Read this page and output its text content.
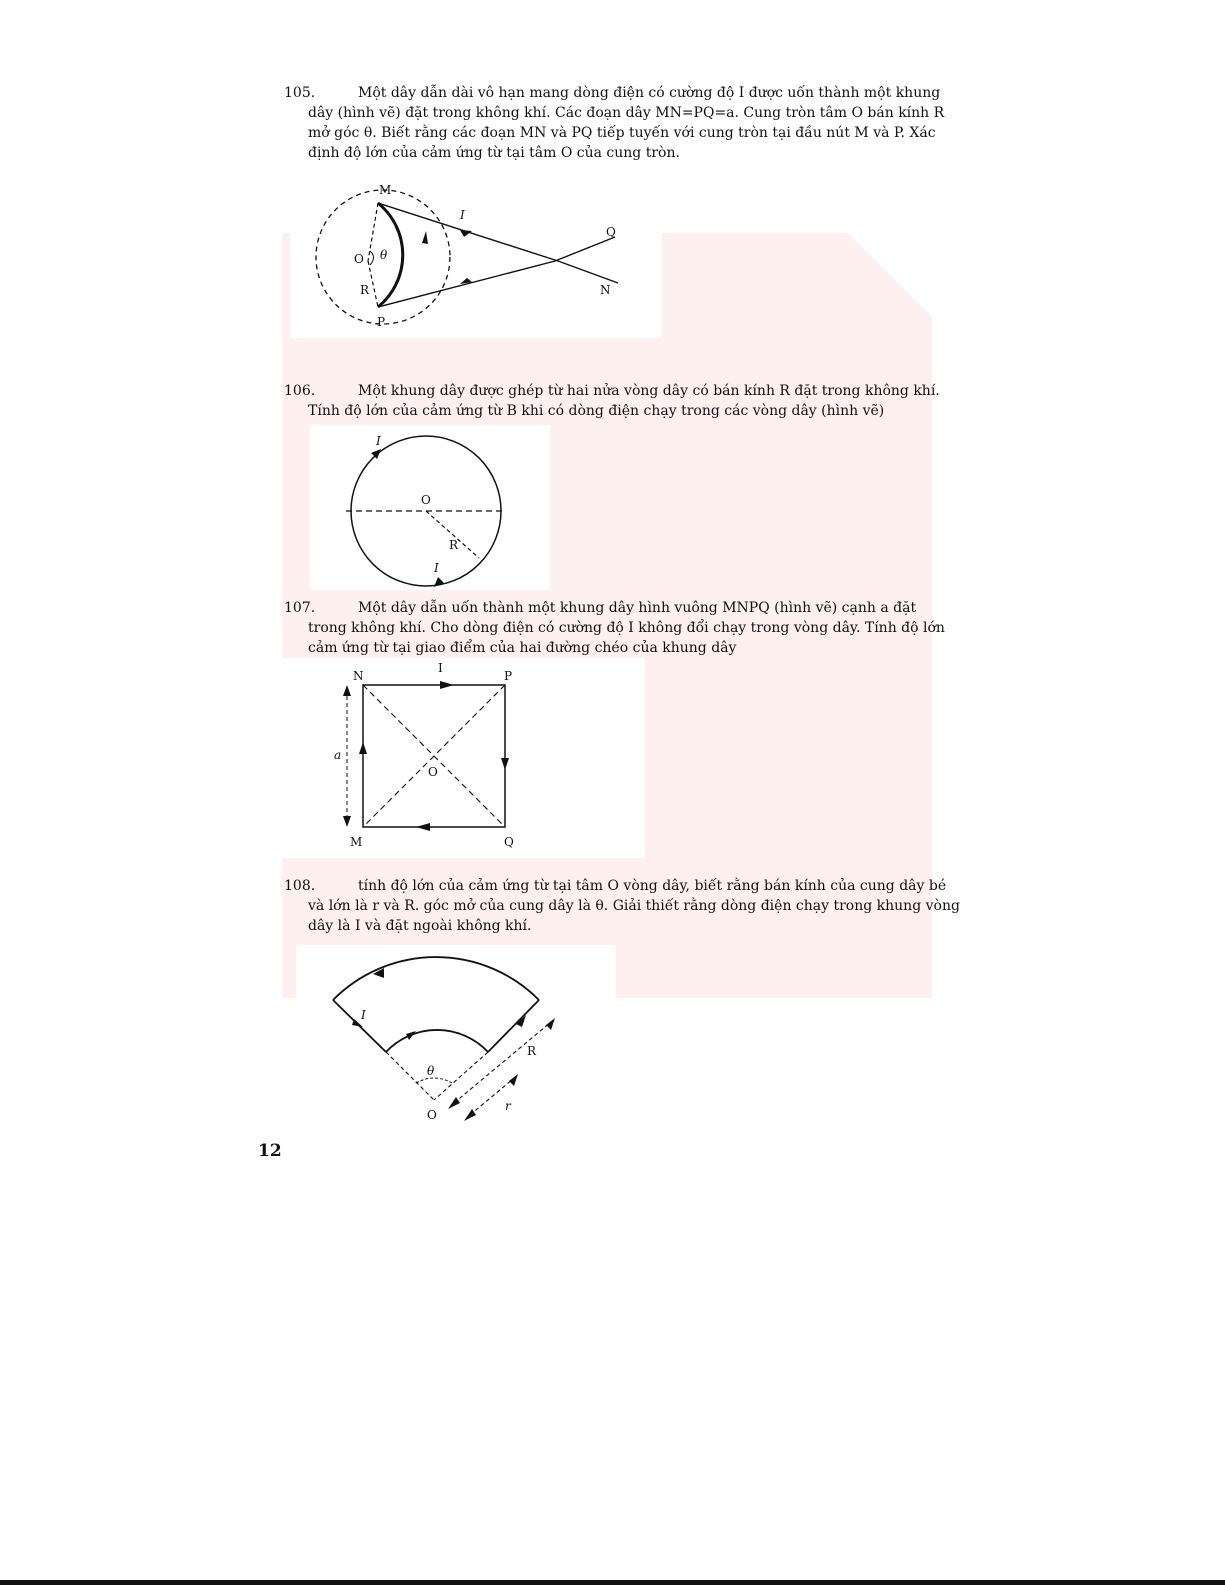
105.	Một dây dẫn dài vô hạn mang dòng điện có cường độ I được uốn thành một khung

dây (hình vẽ) đặt trong không khí. Các đoạn dây MN=PQ=a. Cung tròn tâm O bán kính R
mở góc θ. Biết rằng các đoạn MN và PQ tiếp tuyến với cung tròn tại đầu nút M và P. Xác
định độ lớn của cảm ứng từ tại tâm O của cung tròn.
M
I
Q
O θ
R	N
P

106.	Một khung dây được ghép từ hai nửa vòng dây có bán kính R đặt trong không khí.

Tính độ lớn của cảm ứng từ B khi có dòng điện chạy trong các vòng dây (hình vẽ)
I
O
R
I

107.	Một dây dẫn uốn thành một khung dây hình vuông MNPQ (hình vẽ) cạnh a đặt

trong không khí. Cho dòng điện có cường độ I không đổi chạy trong vòng dây. Tính độ lớn
cảm ứng từ tại giao điểm của hai đường chéo của khung dây
N
I
P
a
O
M	Q

108.	tính độ lớn của cảm ứng từ tại tâm O vòng dây, biết rằng bán kính của cung dây bé

và lớn là r và R. góc mở của cung dây là θ. Giải thiết rằng dòng điện chạy trong khung vòng
dây là I và đặt ngoài không khí.
I
R
θ
O
r
12
